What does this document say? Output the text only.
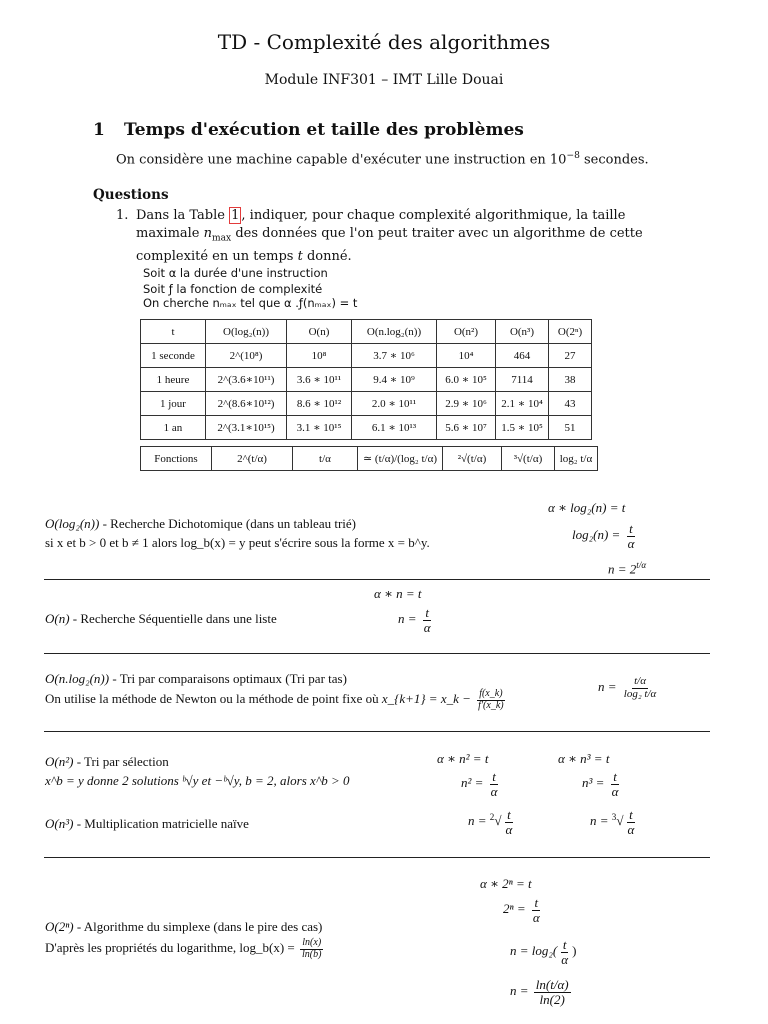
TD - Complexité des algorithmes
Module INF301 – IMT Lille Douai
1 Temps d'exécution et taille des problèmes
On considère une machine capable d'exécuter une instruction en $10^{-8}$ secondes.
Questions
1. Dans la Table 1 , indiquer, pour chaque complexité algorithmique, la taille maximale $n_{max}$ des données que l'on peut traiter avec un algorithme de cette complexité en un temps t donné.
Soit α la durée d'une instruction
Soit ƒ la fonction de complexité
On cherche nₘₐₓ tel que α .ƒ(nₘₐₓ) = t
t	O(log₂(n))	O(n)	O(n.log₂(n))	O(n²)	O(n³)	O(2ⁿ)
1 seconde	2^(10⁸)	10⁸	3.7 ∗ 10⁶	10⁴	464	27
1 heure	2^(3.6∗10¹¹)	3.6 ∗ 10¹¹	9.4 ∗ 10⁹	6.0 ∗ 10⁵	7114	38
1 jour	2^(8.6∗10¹²)	8.6 ∗ 10¹²	2.0 ∗ 10¹¹	2.9 ∗ 10⁶	2.1 ∗ 10⁴	43
1 an	2^(3.1∗10¹⁵)	3.1 ∗ 10¹⁵	6.1 ∗ 10¹³	5.6 ∗ 10⁷	1.5 ∗ 10⁵	51
Fonctions	2^(t/α)	t/α	≃ (t/α)/(log₂ t/α)	²√(t/α)	³√(t/α)	log₂ t/α
O(log₂(n)) - Recherche Dichotomique (dans un tableau trié)
si x et b > 0 et b ≠ 1 alors log_b(x) = y peut s'écrire sous la forme x = b^y.
α ∗ log₂(n) = t
$\log_2(n) = \frac{t}{\alpha}$
$n = 2^{t/\alpha}$
O(n) - Recherche Séquentielle dans une liste
α ∗ n = t
$n = \frac{t}{\alpha}$
O(n.log₂(n)) - Tri par comparaisons optimaux (Tri par tas)
On utilise la méthode de Newton ou la méthode de point fixe où x_{k+1} = x_k − $\frac{f(x\_k)}{f'(x\_k)}$
$n = \frac{t/\alpha}{\text{log₂ t/α}}$
O(n²) - Tri par sélection
x^b = y donne 2 solutions ᵇ√y et −ᵇ√y, b = 2, alors x^b > 0
O(n³) - Multiplication matricielle naïve
α ∗ n² = t
$n^2 = \frac{t}{\alpha}$
$n = ^2√ \frac{t}{\alpha}$
α ∗ n³ = t
$n^3 = \frac{t}{\alpha}$
$n = ^3√ \frac{t}{\alpha}$
O(2ⁿ) - Algorithme du simplexe (dans le pire des cas)
D'après les propriétés du logarithme, log_b(x) = $\frac{\ln(x)}{\ln(b)}$
α ∗ 2ⁿ = t
$2^n = \frac{t}{\alpha}$
$n = \log_2( \frac{t}{\alpha}$ )
$n = \frac{\ln(t/\alpha)}{\ln(2)}$
